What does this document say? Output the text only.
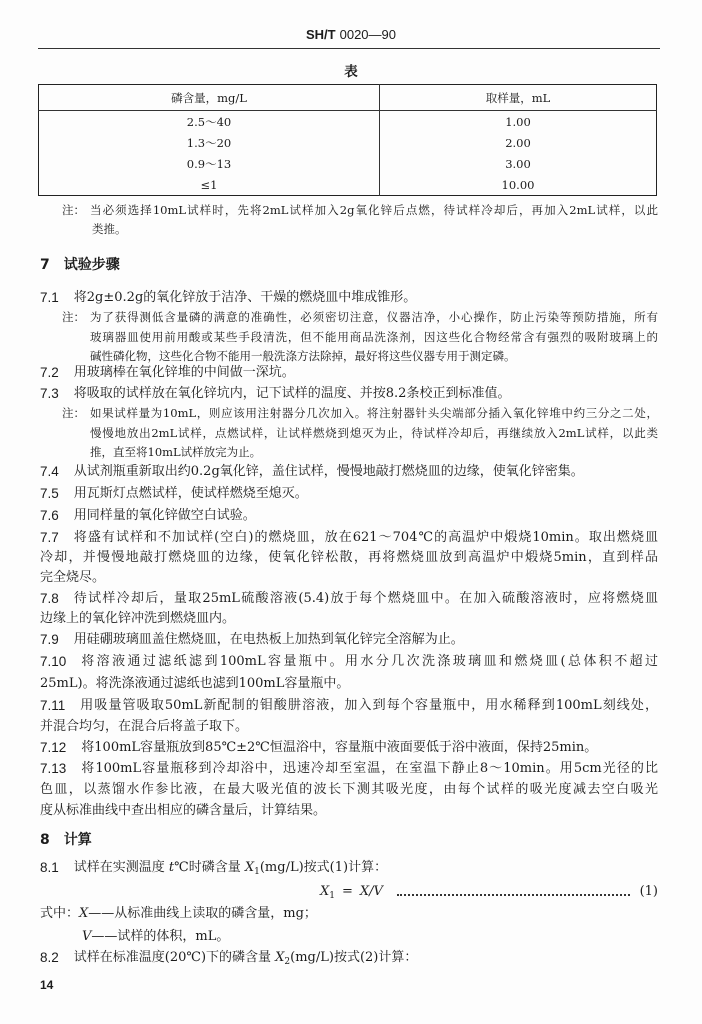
SH/T 0020—90
表
磷含量，mg/L	取样量，mL
2.5～40	1.00
1.3～20	2.00
0.9～13	3.00
≤1	10.00
注： 当必须选择10mL试样时，先将2mL试样加入2g氧化锌后点燃，待试样冷却后，再加入2mL试样，以此
类推。
7 试验步骤
7.1 将2g±0.2g的氧化锌放于洁净、干燥的燃烧皿中堆成锥形。
注： 为了获得测低含量磷的满意的准确性，必须密切注意，仪器洁净，小心操作，防止污染等预防措施，所有
玻璃器皿使用前用酸或某些手段清洗，但不能用商品洗涤剂，因这些化合物经常含有强烈的吸附玻璃上的
碱性磷化物，这些化合物不能用一般洗涤方法除掉，最好将这些仪器专用于测定磷。
7.2 用玻璃棒在氧化锌堆的中间做一深坑。
7.3 将吸取的试样放在氧化锌坑内，记下试样的温度、并按8.2条校正到标准值。
注： 如果试样量为10mL，则应该用注射器分几次加入。将注射器针头尖端部分插入氧化锌堆中约三分之二处，
慢慢地放出2mL试样，点燃试样，让试样燃烧到熄灭为止，待试样冷却后，再继续放入2mL试样，以此类
推，直至将10mL试样放完为止。
7.4 从试剂瓶重新取出约0.2g氧化锌，盖住试样，慢慢地敲打燃烧皿的边缘，使氧化锌密集。
7.5 用瓦斯灯点燃试样，使试样燃烧至熄灭。
7.6 用同样量的氧化锌做空白试验。
7.7 将盛有试样和不加试样(空白)的燃烧皿，放在621～704℃的高温炉中煅烧10min。取出燃烧皿
冷却，并慢慢地敲打燃烧皿的边缘，使氧化锌松散，再将燃烧皿放到高温炉中煅烧5min，直到样品
完全烧尽。
7.8 待试样冷却后，量取25mL硫酸溶液(5.4)放于每个燃烧皿中。在加入硫酸溶液时，应将燃烧皿
边缘上的氧化锌冲洗到燃烧皿内。
7.9 用硅硼玻璃皿盖住燃烧皿，在电热板上加热到氧化锌完全溶解为止。
7.10 将溶液通过滤纸滤到100mL容量瓶中。用水分几次洗涤玻璃皿和燃烧皿(总体积不超过
25mL)。将洗涤液通过滤纸也滤到100mL容量瓶中。
7.11 用吸量管吸取50mL新配制的钼酸肼溶液，加入到每个容量瓶中，用水稀释到100mL刻线处，
并混合均匀，在混合后将盖子取下。
7.12 将100mL容量瓶放到85℃±2℃恒温浴中，容量瓶中液面要低于浴中液面，保持25min。
7.13 将100mL容量瓶移到冷却浴中，迅速冷却至室温，在室温下静止8～10min。用5cm光径的比
色皿，以蒸馏水作参比液，在最大吸光值的波长下测其吸光度，由每个试样的吸光度减去空白吸光
度从标准曲线中查出相应的磷含量后，计算结果。
8 计算
8.1 试样在实测温度 t℃时磷含量 $X_1(mg/L)$按式(1)计算：
$X_1 = X/V$	(1)
式中：X——从标准曲线上读取的磷含量，mg；
V——试样的体积，mL。
8.2 试样在标准温度(20℃)下的磷含量 $X_2(mg/L)$按式(2)计算：
14
